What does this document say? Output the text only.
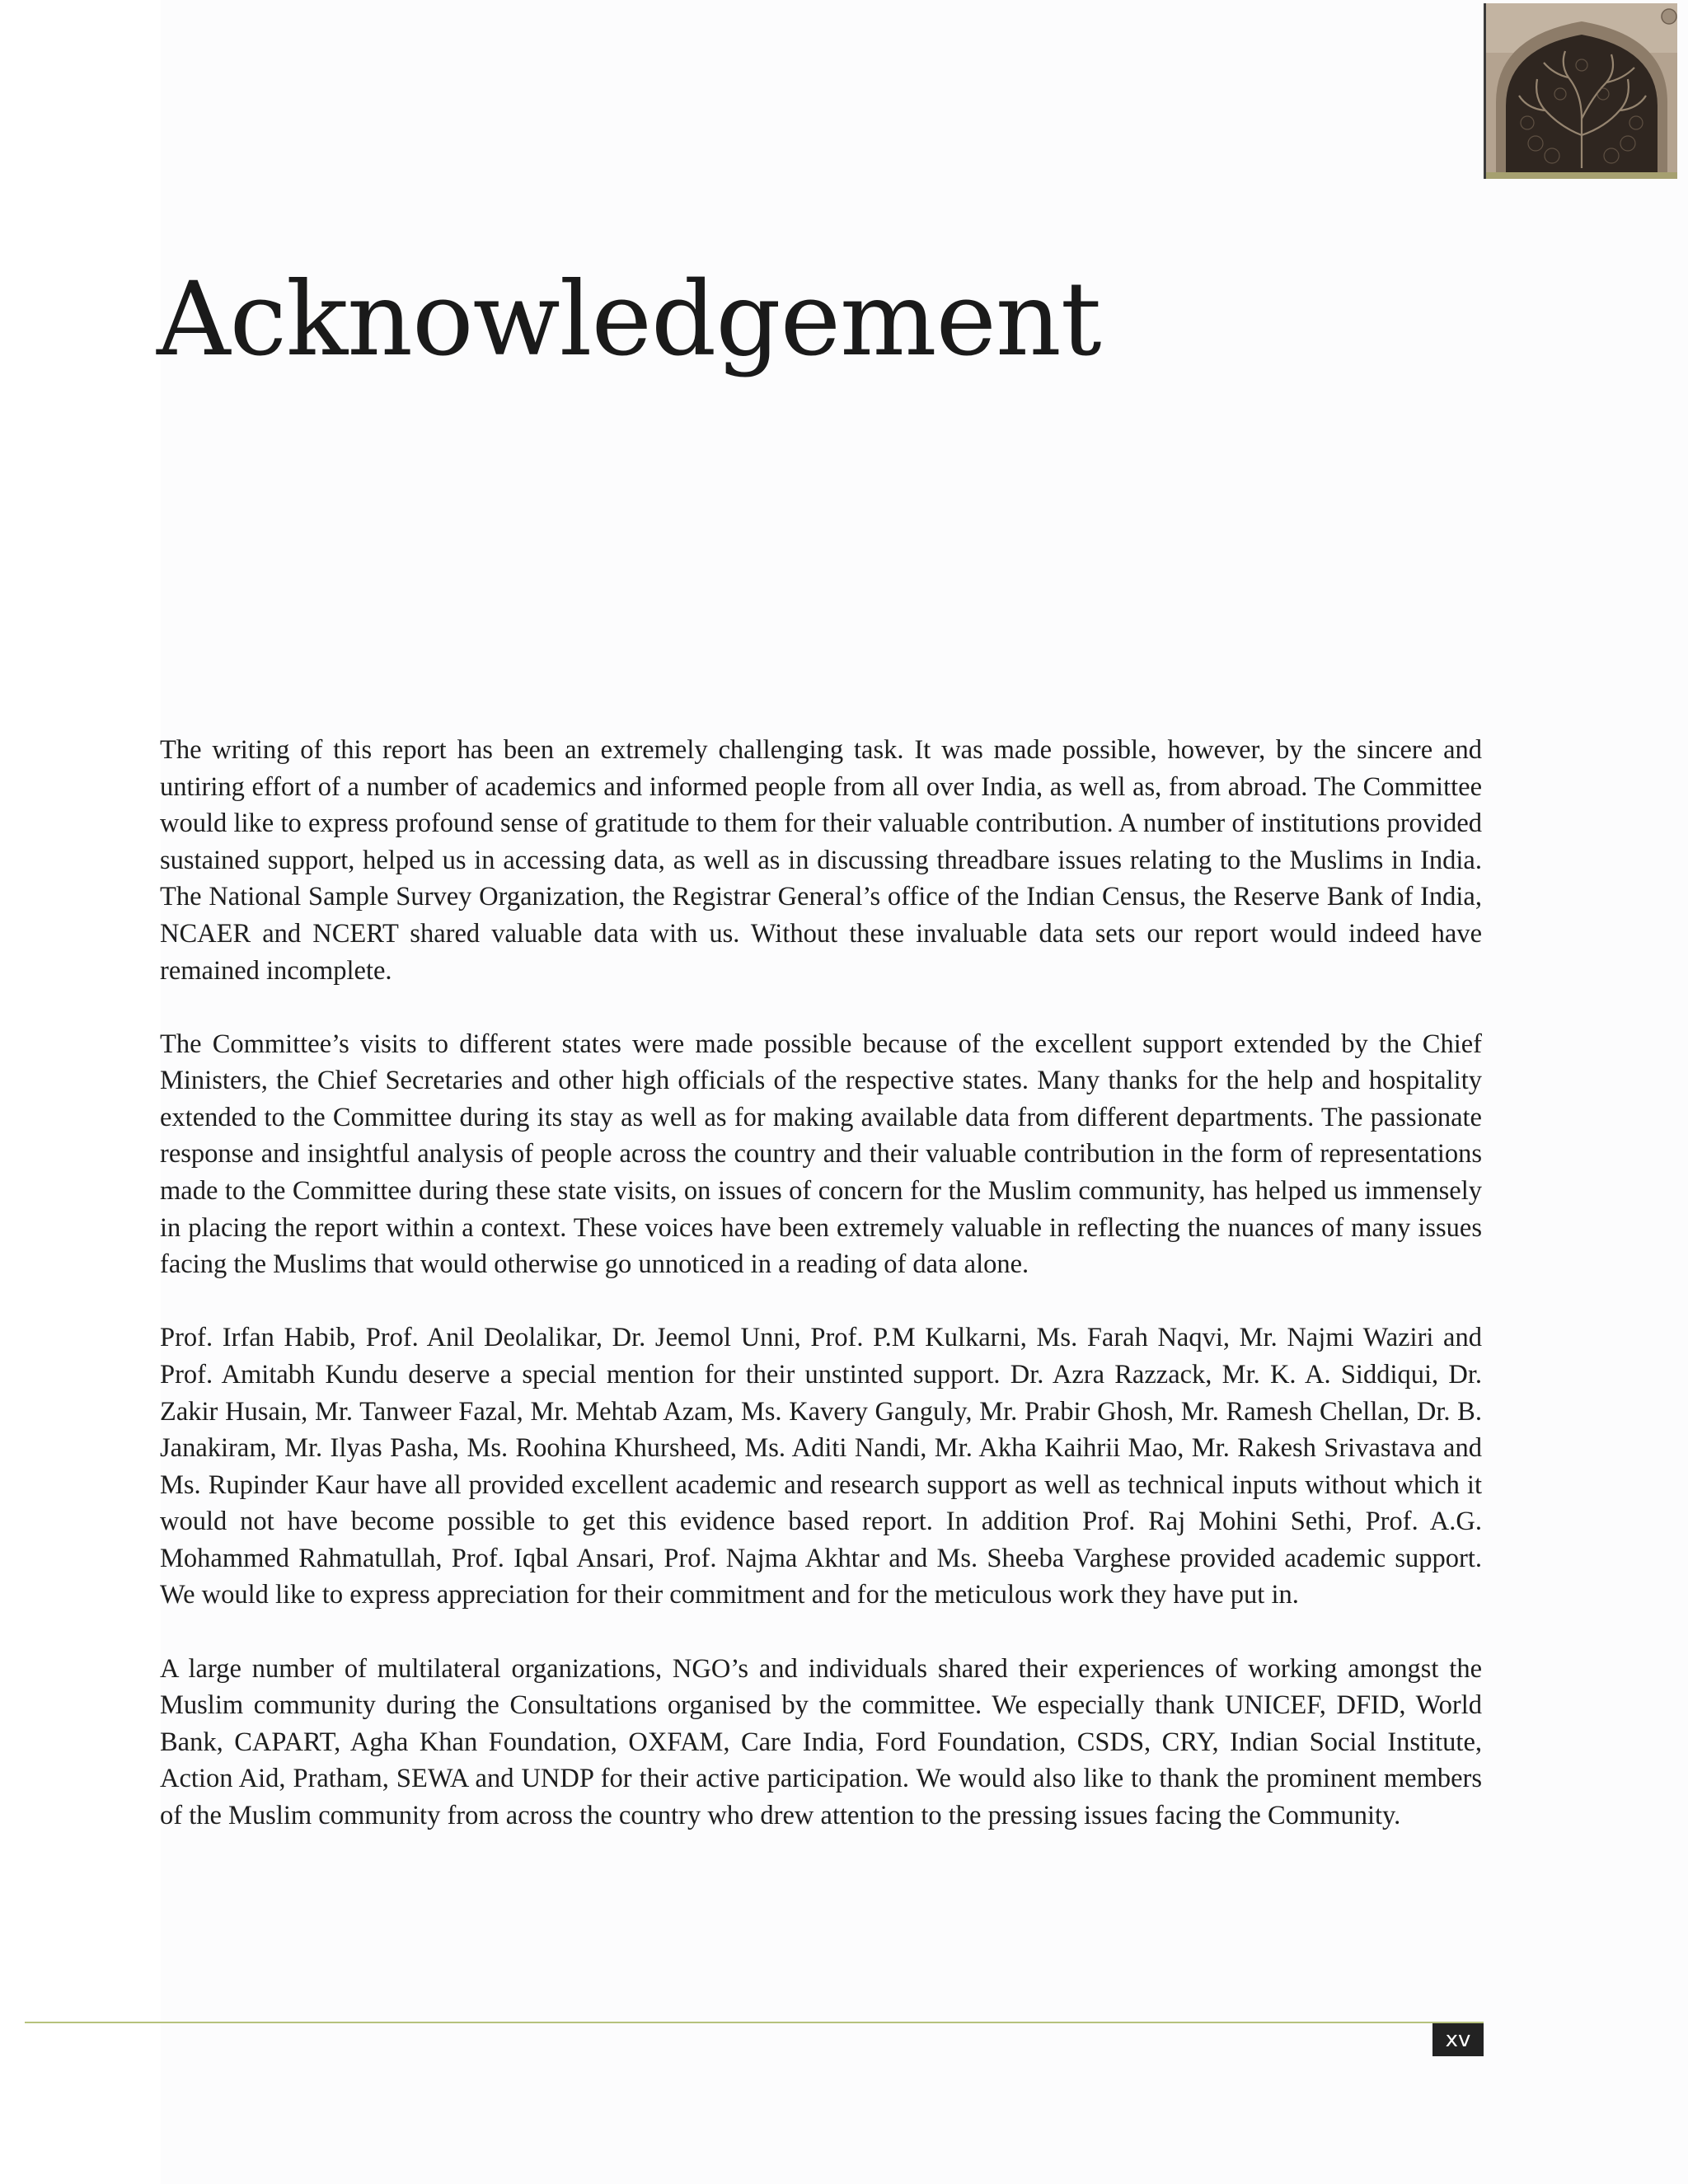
Acknowledgement

The writing of this report has been an extremely challenging task. It was made possible, however, by the sincere and untiring effort of a number of academics and informed people from all over India, as well as, from abroad. The Committee would like to express profound sense of gratitude to them for their valuable contribution. A number of institutions provided sustained support, helped us in accessing data, as well as in discussing threadbare issues relating to the Muslims in India. The National Sample Survey Organization, the Registrar General’s office of the Indian Census, the Reserve Bank of India, NCAER and NCERT shared valuable data with us. Without these invaluable data sets our report would indeed have remained incomplete.

The Committee’s visits to different states were made possible because of the excellent support extended by the Chief Ministers, the Chief Secretaries and other high officials of the respective states. Many thanks for the help and hospitality extended to the Committee during its stay as well as for making available data from different departments. The passionate response and insightful analysis of people across the country and their valuable contribution in the form of representations made to the Committee during these state visits, on issues of concern for the Muslim community, has helped us immensely in placing the report within a context. These voices have been extremely valuable in reflecting the nuances of many issues facing the Muslims that would otherwise go unnoticed in a reading of data alone.

Prof. Irfan Habib, Prof. Anil Deolalikar, Dr. Jeemol Unni, Prof. P.M Kulkarni, Ms. Farah Naqvi, Mr. Najmi Waziri and Prof. Amitabh Kundu deserve a special mention for their unstinted support. Dr. Azra Razzack, Mr. K. A. Siddiqui, Dr. Zakir Husain, Mr. Tanweer Fazal, Mr. Mehtab Azam, Ms. Kavery Ganguly, Mr. Prabir Ghosh, Mr. Ramesh Chellan, Dr. B. Janakiram, Mr. Ilyas Pasha, Ms. Roohina Khursheed, Ms. Aditi Nandi, Mr. Akha Kaihrii Mao, Mr. Rakesh Srivastava and Ms. Rupinder Kaur have all provided excellent academic and research support as well as technical inputs without which it would not have become possible to get this evidence based report. In addition Prof. Raj Mohini Sethi, Prof. A.G. Mohammed Rahmatullah, Prof. Iqbal Ansari, Prof. Najma Akhtar and Ms. Sheeba Varghese provided academic support. We would like to express appreciation for their commitment and for the meticulous work they have put in.

A large number of multilateral organizations, NGO’s and individuals shared their experiences of working amongst the Muslim community during the Consultations organised by the committee. We especially thank UNICEF, DFID, World Bank, CAPART, Agha Khan Foundation, OXFAM, Care India, Ford Foundation, CSDS, CRY, Indian Social Institute, Action Aid, Pratham, SEWA and UNDP for their active participation. We would also like to thank the prominent members of the Muslim community from across the country who drew attention to the pressing issues facing the Community.

xv
